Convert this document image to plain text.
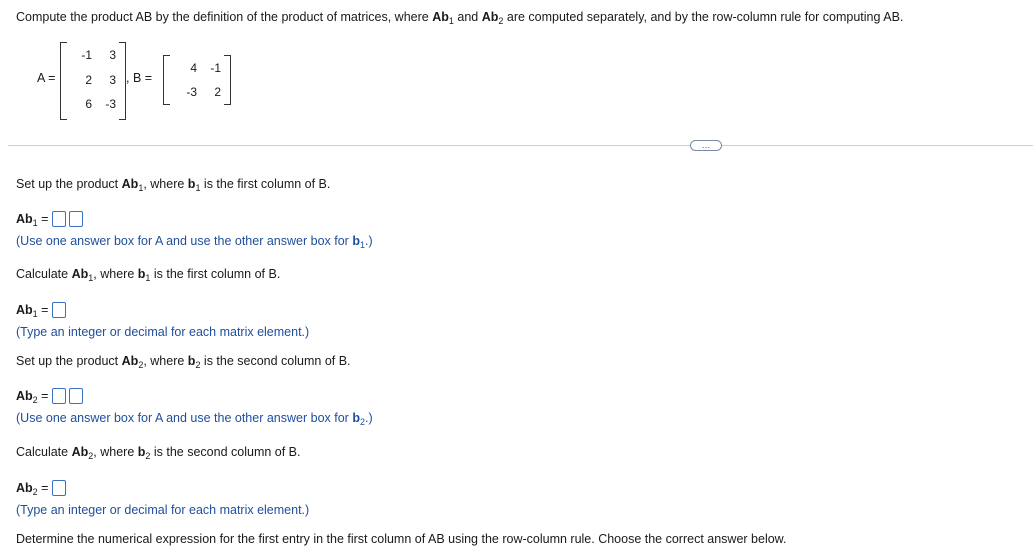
Compute the product AB by the definition of the product of matrices, where $Ab_1$ and $Ab_2$ are computed separately, and by the row-column rule for computing AB.
A =
-1	3
2	3
6	-3
, B =
4	-1
-3	2
…
Set up the product $Ab_1$, where $b_1$ is the first column of B.
$Ab_1$ =
(Use one answer box for A and use the other answer box for $b_1$.)
Calculate $Ab_1$, where $b_1$ is the first column of B.
$Ab_1$ =
(Type an integer or decimal for each matrix element.)
Set up the product $Ab_2$, where $b_2$ is the second column of B.
$Ab_2$ =
(Use one answer box for A and use the other answer box for $b_2$.)
Calculate $Ab_2$, where $b_2$ is the second column of B.
$Ab_2$ =
(Type an integer or decimal for each matrix element.)
Determine the numerical expression for the first entry in the first column of AB using the row-column rule. Choose the correct answer below.
